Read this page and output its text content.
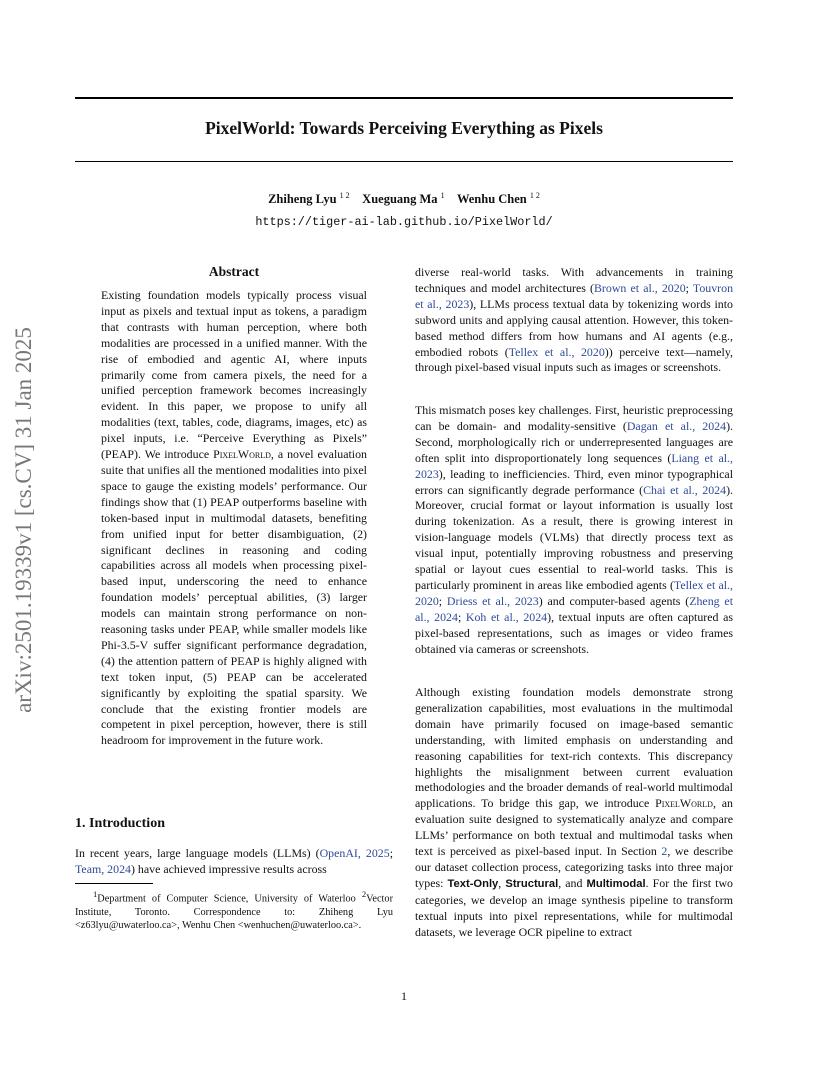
arXiv:2501.19339v1 [cs.CV] 31 Jan 2025
PixelWorld: Towards Perceiving Everything as Pixels
Zhiheng Lyu $^{1 2}$ Xueguang Ma $^1$ Wenhu Chen $^{1 2}$
https://tiger-ai-lab.github.io/PixelWorld/
Abstract

Existing foundation models typically process visual input as pixels and textual input as tokens, a paradigm that contrasts with human perception, where both modalities are processed in a unified manner. With the rise of embodied and agentic AI, where inputs primarily come from camera pixels, the need for a unified perception framework becomes increasingly evident. In this paper, we propose to unify all modalities (text, tables, code, diagrams, images, etc) as pixel inputs, i.e. “Perceive Everything as Pixels” (PEAP). We introduce PixelWorld, a novel evaluation suite that unifies all the mentioned modalities into pixel space to gauge the existing models’ performance. Our findings show that (1) PEAP outperforms baseline with token-based input in multimodal datasets, benefiting from unified input for better disambiguation, (2) significant declines in reasoning and coding capabilities across all models when processing pixel-based input, underscoring the need to enhance foundation models’ perceptual abilities, (3) larger models can maintain strong performance on non-reasoning tasks under PEAP, while smaller models like Phi-3.5-V suffer significant performance degradation, (4) the attention pattern of PEAP is highly aligned with text token input, (5) PEAP can be accelerated significantly by exploiting the spatial sparsity. We conclude that the existing frontier models are competent in pixel perception, however, there is still headroom for improvement in the future work.

1. Introduction

In recent years, large language models (LLMs) (OpenAI, 2025; Team, 2024) have achieved impressive results across

$^1$Department of Computer Science, University of Waterloo $^2$Vector Institute, Toronto. Correspondence to: Zhiheng Lyu <z63lyu@uwaterloo.ca>, Wenhu Chen <wenhuchen@uwaterloo.ca>.

diverse real-world tasks. With advancements in training techniques and model architectures (Brown et al., 2020; Touvron et al., 2023), LLMs process textual data by tokenizing words into subword units and applying causal attention. However, this token-based method differs from how humans and AI agents (e.g., embodied robots (Tellex et al., 2020)) perceive text—namely, through pixel-based visual inputs such as images or screenshots.

This mismatch poses key challenges. First, heuristic preprocessing can be domain- and modality-sensitive (Dagan et al., 2024). Second, morphologically rich or underrepresented languages are often split into disproportionately long sequences (Liang et al., 2023), leading to inefficiencies. Third, even minor typographical errors can significantly degrade performance (Chai et al., 2024). Moreover, crucial format or layout information is usually lost during tokenization. As a result, there is growing interest in vision-language models (VLMs) that directly process text as visual input, potentially improving robustness and preserving spatial or layout cues essential to real-world tasks. This is particularly prominent in areas like embodied agents (Tellex et al., 2020; Driess et al., 2023) and computer-based agents (Zheng et al., 2024; Koh et al., 2024), textual inputs are often captured as pixel-based representations, such as images or video frames obtained via cameras or screenshots.

Although existing foundation models demonstrate strong generalization capabilities, most evaluations in the multimodal domain have primarily focused on image-based semantic understanding, with limited emphasis on understanding and reasoning capabilities for text-rich contexts. This discrepancy highlights the misalignment between current evaluation methodologies and the broader demands of real-world multimodal applications. To bridge this gap, we introduce PixelWorld, an evaluation suite designed to systematically analyze and compare LLMs’ performance on both textual and multimodal tasks when text is perceived as pixel-based input. In Section 2, we describe our dataset collection process, categorizing tasks into three major types: Text-Only, Structural, and Multimodal. For the first two categories, we develop an image synthesis pipeline to transform textual inputs into pixel representations, while for multimodal datasets, we leverage OCR pipeline to extract

1
